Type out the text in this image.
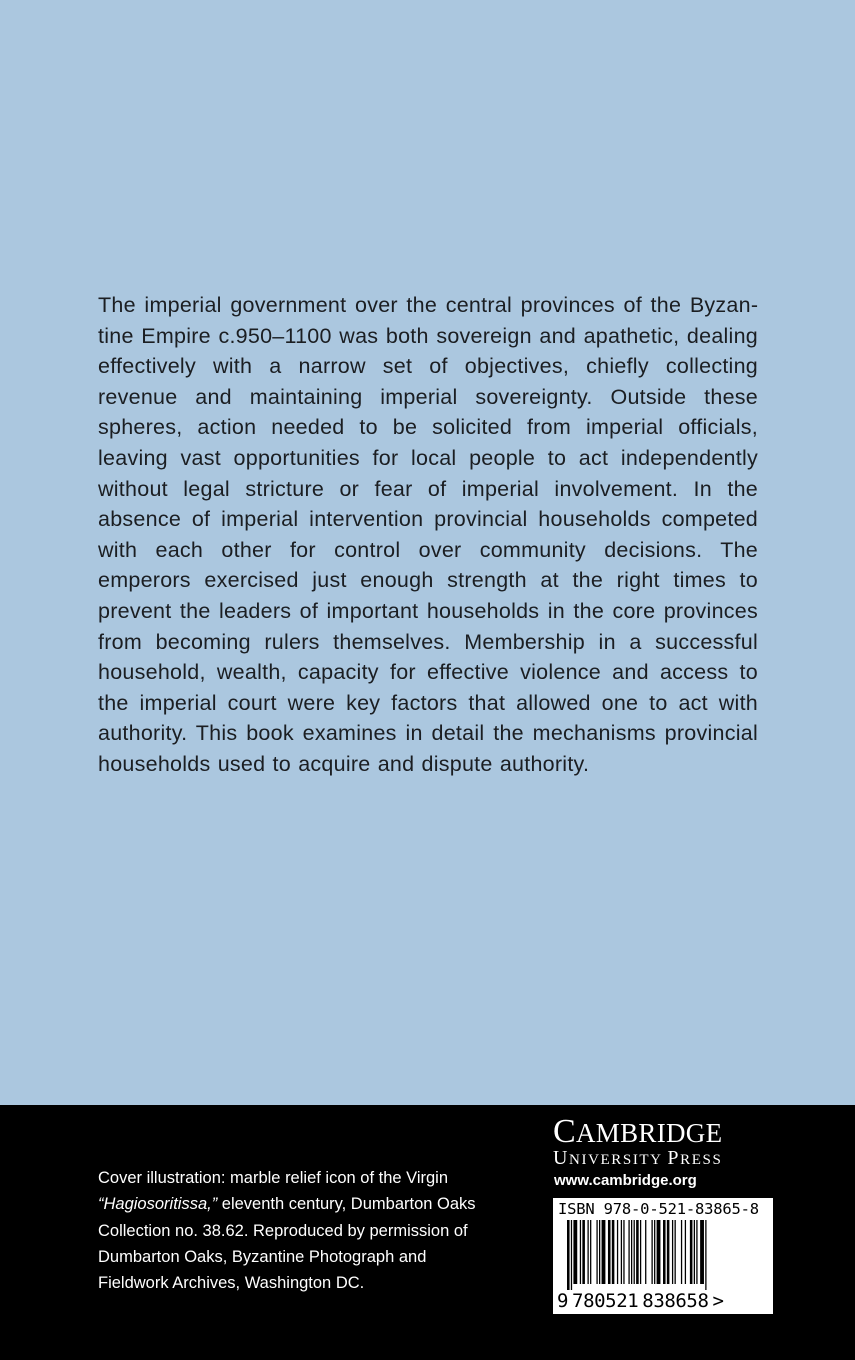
The imperial government over the central provinces of the Byzantine Empire c.950–1100 was both sovereign and apathetic, dealing effectively with a narrow set of objectives, chiefly collecting revenue and maintaining imperial sovereignty. Outside these spheres, action needed to be solicited from imperial officials, leaving vast opportunities for local people to act independently without legal stricture or fear of imperial involvement. In the absence of imperial intervention provincial households competed with each other for control over community decisions. The emperors exercised just enough strength at the right times to prevent the leaders of important households in the core provinces from becoming rulers themselves. Membership in a successful household, wealth, capacity for effective violence and access to the imperial court were key factors that allowed one to act with authority. This book examines in detail the mechanisms provincial households used to acquire and dispute authority.

Cover illustration: marble relief icon of the Virgin
“Hagiosoritissa,” eleventh century, Dumbarton Oaks Collection no. 38.62. Reproduced by permission of Dumbarton Oaks, Byzantine Photograph and Fieldwork Archives, Washington DC.
CAMBRIDGE
UNIVERSITY PRESS
www.cambridge.org
ISBN 978-0-521-83865-8
9 780521 838658 >
